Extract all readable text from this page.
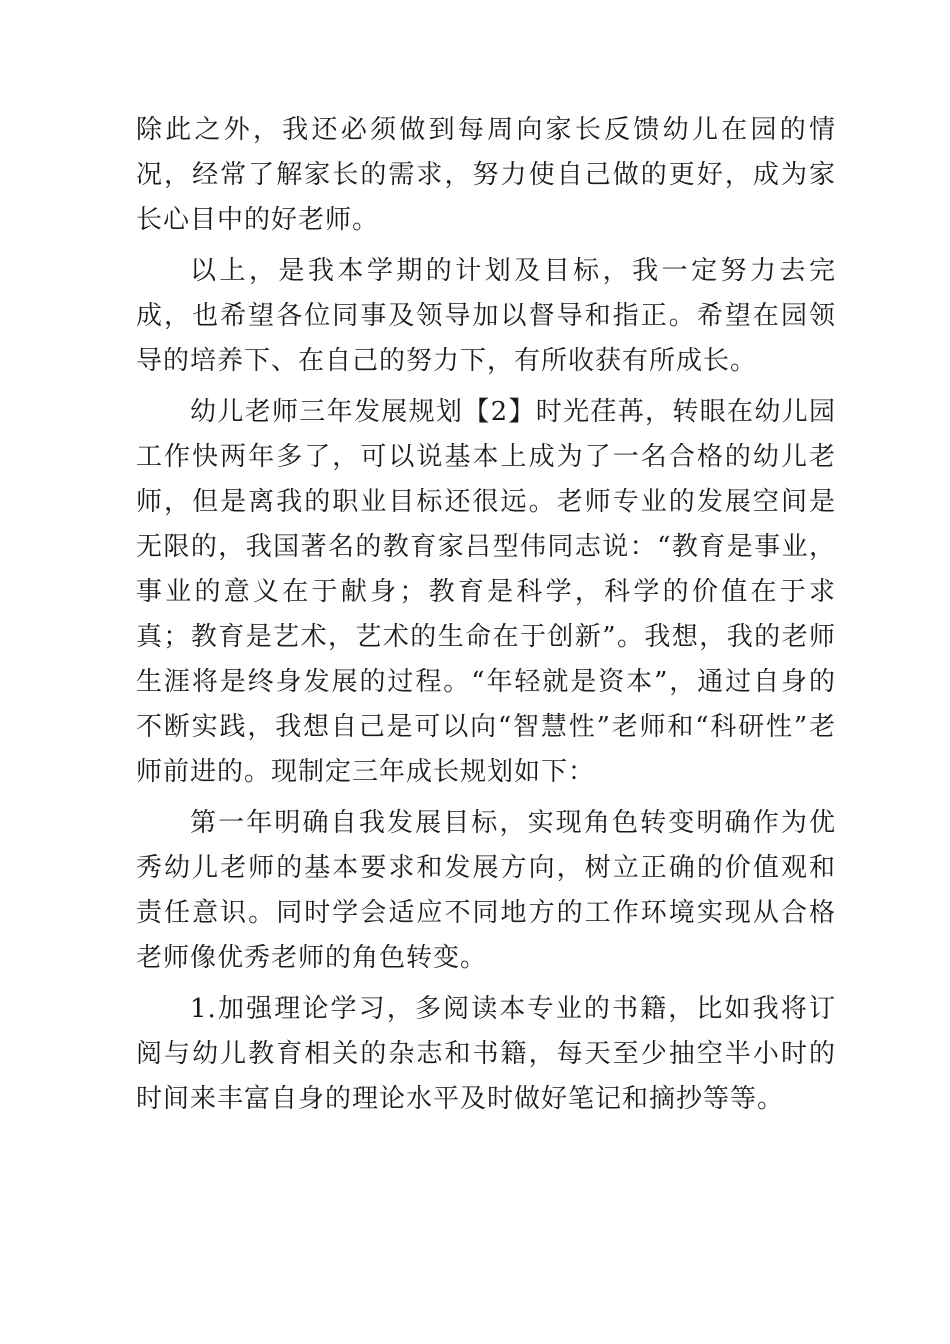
除此之外，我还必须做到每周向家长反馈幼儿在园的情况，经常了解家长的需求，努力使自己做的更好，成为家长心目中的好老师。

以上，是我本学期的计划及目标，我一定努力去完成，也希望各位同事及领导加以督导和指正。希望在园领导的培养下、在自己的努力下，有所收获有所成长。

幼儿老师三年发展规划【2】时光荏苒，转眼在幼儿园工作快两年多了，可以说基本上成为了一名合格的幼儿老师，但是离我的职业目标还很远。老师专业的发展空间是无限的，我国著名的教育家吕型伟同志说：“教育是事业，事业的意义在于献身；教育是科学，科学的价值在于求真；教育是艺术，艺术的生命在于创新”。我想，我的老师生涯将是终身发展的过程。“年轻就是资本”，通过自身的不断实践，我想自己是可以向“智慧性”老师和“科研性”老师前进的。现制定三年成长规划如下：

第一年明确自我发展目标，实现角色转变明确作为优秀幼儿老师的基本要求和发展方向，树立正确的价值观和责任意识。同时学会适应不同地方的工作环境实现从合格老师像优秀老师的角色转变。

1.加强理论学习，多阅读本专业的书籍，比如我将订阅与幼儿教育相关的杂志和书籍，每天至少抽空半小时的时间来丰富自身的理论水平及时做好笔记和摘抄等等。
